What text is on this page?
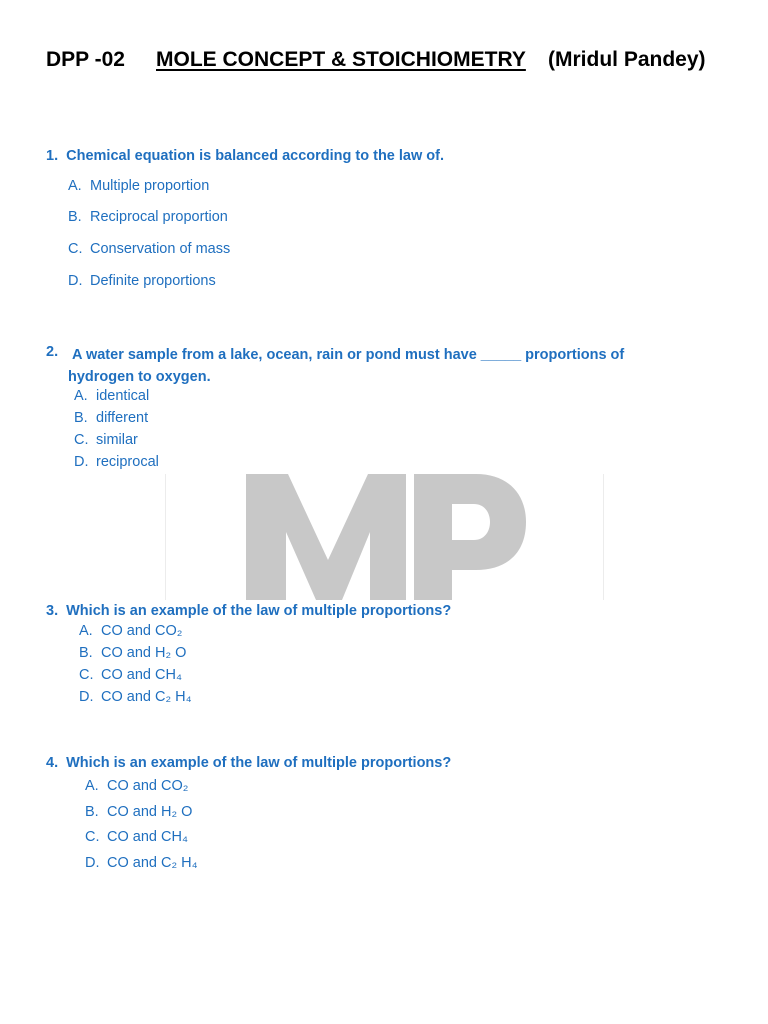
DPP -02 MOLE CONCEPT & STOICHIOMETRY (Mridul Pandey)
1. Chemical equation is balanced according to the law of.
A. Multiple proportion
B. Reciprocal proportion
C. Conservation of mass
D. Definite proportions
2. A water sample from a lake, ocean, rain or pond must have _____ proportions of
hydrogen to oxygen.
A. identical
B. different
C. similar
D. reciprocal
3. Which is an example of the law of multiple proportions?
A. CO and CO₂
B. CO and H₂ O
C. CO and CH₄
D. CO and C₂ H₄
4. Which is an example of the law of multiple proportions?
A. CO and CO₂
B. CO and H₂ O
C. CO and CH₄
D. CO and C₂ H₄
